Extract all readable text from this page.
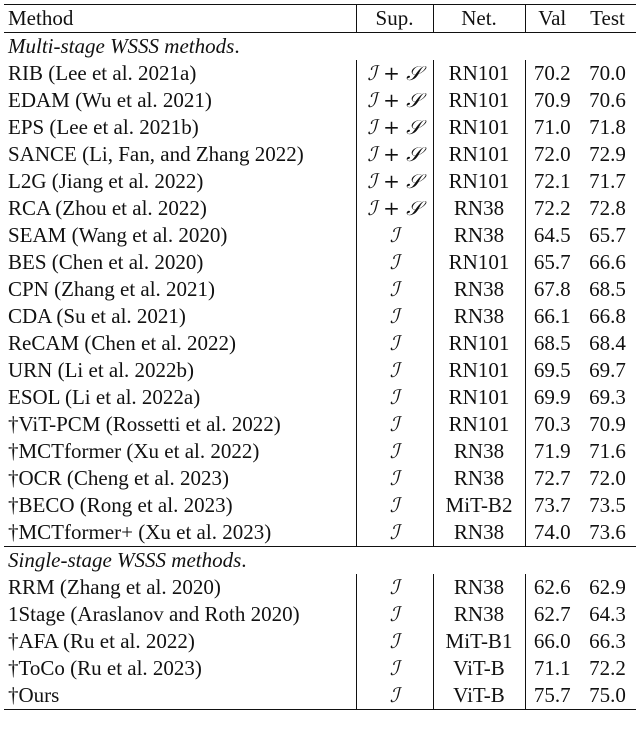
Method	Sup.	Net.	Val	Test
Multi-stage WSSS methods.				
RIB (Lee et al. 2021a)	ℐ + 𝒮	RN101	70.2	70.0
EDAM (Wu et al. 2021)	ℐ + 𝒮	RN101	70.9	70.6
EPS (Lee et al. 2021b)	ℐ + 𝒮	RN101	71.0	71.8
SANCE (Li, Fan, and Zhang 2022)	ℐ + 𝒮	RN101	72.0	72.9
L2G (Jiang et al. 2022)	ℐ + 𝒮	RN101	72.1	71.7
RCA (Zhou et al. 2022)	ℐ + 𝒮	RN38	72.2	72.8
SEAM (Wang et al. 2020)	ℐ	RN38	64.5	65.7
BES (Chen et al. 2020)	ℐ	RN101	65.7	66.6
CPN (Zhang et al. 2021)	ℐ	RN38	67.8	68.5
CDA (Su et al. 2021)	ℐ	RN38	66.1	66.8
ReCAM (Chen et al. 2022)	ℐ	RN101	68.5	68.4
URN (Li et al. 2022b)	ℐ	RN101	69.5	69.7
ESOL (Li et al. 2022a)	ℐ	RN101	69.9	69.3
†ViT-PCM (Rossetti et al. 2022)	ℐ	RN101	70.3	70.9
†MCTformer (Xu et al. 2022)	ℐ	RN38	71.9	71.6
†OCR (Cheng et al. 2023)	ℐ	RN38	72.7	72.0
†BECO (Rong et al. 2023)	ℐ	MiT-B2	73.7	73.5
†MCTformer+ (Xu et al. 2023)	ℐ	RN38	74.0	73.6
Single-stage WSSS methods.				
RRM (Zhang et al. 2020)	ℐ	RN38	62.6	62.9
1Stage (Araslanov and Roth 2020)	ℐ	RN38	62.7	64.3
†AFA (Ru et al. 2022)	ℐ	MiT-B1	66.0	66.3
†ToCo (Ru et al. 2023)	ℐ	ViT-B	71.1	72.2
†Ours	ℐ	ViT-B	75.7	75.0
